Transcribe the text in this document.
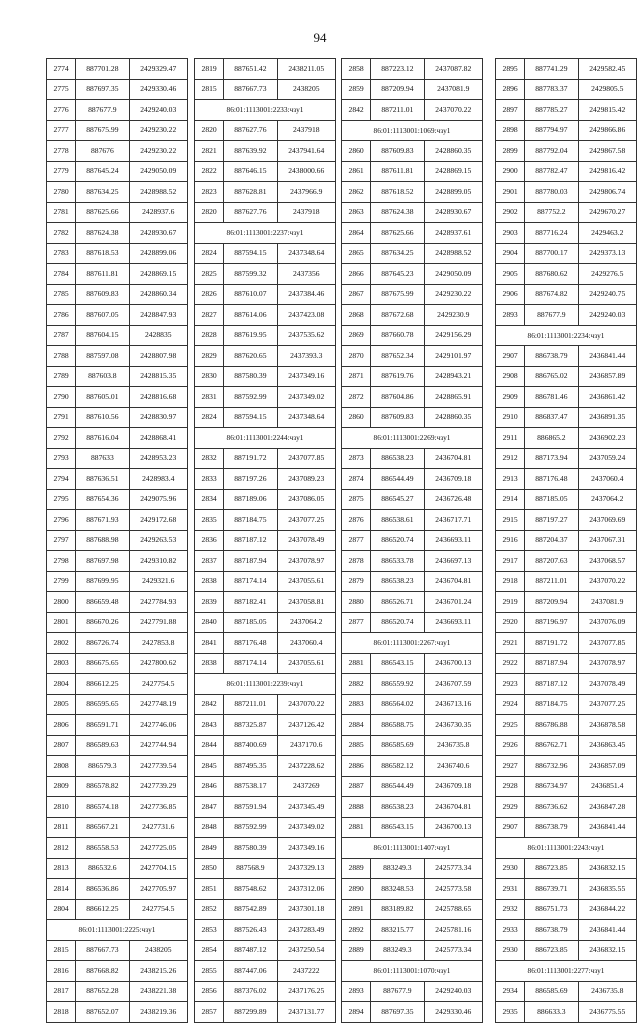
94
2774	887701.28	2429329.47
2775	887697.35	2429330.46
2776	887677.9	2429240.03
2777	887675.99	2429230.22
2778	887676	2429230.22
2779	887645.24	2429050.09
2780	887634.25	2428988.52
2781	887625.66	2428937.6
2782	887624.38	2428930.67
2783	887618.53	2428899.06
2784	887611.81	2428869.15
2785	887609.83	2428860.34
2786	887607.05	2428847.93
2787	887604.15	2428835
2788	887597.08	2428807.98
2789	887603.8	2428815.35
2790	887605.01	2428816.68
2791	887610.56	2428830.97
2792	887616.04	2428868.41
2793	887633	2428953.23
2794	887636.51	2428983.4
2795	887654.36	2429075.96
2796	887671.93	2429172.68
2797	887688.98	2429263.53
2798	887697.98	2429310.82
2799	887699.95	2429321.6
2800	886659.48	2427784.93
2801	886670.26	2427791.88
2802	886726.74	2427853.8
2803	886675.65	2427800.62
2804	886612.25	2427754.5
2805	886595.65	2427748.19
2806	886591.71	2427746.06
2807	886589.63	2427744.94
2808	886579.3	2427739.54
2809	886578.82	2427739.29
2810	886574.18	2427736.85
2811	886567.21	2427731.6
2812	886558.53	2427725.05
2813	886532.6	2427704.15
2814	886536.86	2427705.97
2804	886612.25	2427754.5
86:01:1113001:2225:чзу1		
2815	887667.73	2438205
2816	887668.82	2438215.26
2817	887652.28	2438221.38
2818	887652.07	2438219.36
2819	887651.42	2438211.05
2815	887667.73	2438205
86:01:1113001:2233:чзу1		
2820	887627.76	2437918
2821	887639.92	2437941.64
2822	887646.15	2438000.66
2823	887628.81	2437966.9
2820	887627.76	2437918
86:01:1113001:2237:чзу1		
2824	887594.15	2437348.64
2825	887599.32	2437356
2826	887610.07	2437384.46
2827	887614.06	2437423.08
2828	887619.95	2437535.62
2829	887620.65	2437393.3
2830	887580.39	2437349.16
2831	887592.99	2437349.02
2824	887594.15	2437348.64
86:01:1113001:2244:чзу1		
2832	887191.72	2437077.85
2833	887197.26	2437089.23
2834	887189.06	2437086.05
2835	887184.75	2437077.25
2836	887187.12	2437078.49
2837	887187.94	2437078.97
2838	887174.14	2437055.61
2839	887182.41	2437058.81
2840	887185.05	2437064.2
2841	887176.48	2437060.4
2838	887174.14	2437055.61
86:01:1113001:2239:чзу1		
2842	887211.01	2437070.22
2843	887325.87	2437126.42
2844	887400.69	2437170.6
2845	887495.35	2437228.62
2846	887538.17	2437269
2847	887591.94	2437345.49
2848	887592.99	2437349.02
2849	887580.39	2437349.16
2850	887568.9	2437329.13
2851	887548.62	2437312.06
2852	887542.89	2437301.18
2853	887526.43	2437283.49
2854	887487.12	2437250.54
2855	887447.06	2437222
2856	887376.02	2437176.25
2857	887299.89	2437131.77
2858	887223.12	2437087.82
2859	887209.94	2437081.9
2842	887211.01	2437070.22
86:01:1113001:1069:чзу1		
2860	887609.83	2428860.35
2861	887611.81	2428869.15
2862	887618.52	2428899.05
2863	887624.38	2428930.67
2864	887625.66	2428937.61
2865	887634.25	2428988.52
2866	887645.23	2429050.09
2867	887675.99	2429230.22
2868	887672.68	2429230.9
2869	887660.78	2429156.29
2870	887652.34	2429101.97
2871	887619.76	2428943.21
2872	887604.86	2428865.91
2860	887609.83	2428860.35
86:01:1113001:2269:чзу1		
2873	886538.23	2436704.81
2874	886544.49	2436709.18
2875	886545.27	2436726.48
2876	886538.61	2436717.71
2877	886520.74	2436693.11
2878	886533.78	2436697.13
2879	886538.23	2436704.81
2880	886526.71	2436701.24
2877	886520.74	2436693.11
86:01:1113001:2267:чзу1		
2881	886543.15	2436700.13
2882	886559.92	2436707.59
2883	886564.02	2436713.16
2884	886588.75	2436730.35
2885	886585.69	2436735.8
2886	886582.12	2436740.6
2887	886544.49	2436709.18
2888	886538.23	2436704.81
2881	886543.15	2436700.13
86:01:1113001:1407:чзу1		
2889	883249.3	2425773.34
2890	883248.53	2425773.58
2891	883189.82	2425788.65
2892	883215.77	2425781.16
2889	883249.3	2425773.34
86:01:1113001:1070:чзу1		
2893	887677.9	2429240.03
2894	887697.35	2429330.46
2895	887741.29	2429582.45
2896	887783.37	2429805.5
2897	887785.27	2429815.42
2898	887794.97	2429866.86
2899	887792.04	2429867.58
2900	887782.47	2429816.42
2901	887780.03	2429806.74
2902	887752.2	2429670.27
2903	887716.24	2429463.2
2904	887700.17	2429373.13
2905	887680.62	2429276.5
2906	887674.82	2429240.75
2893	887677.9	2429240.03
86:01:1113001:2234:чзу1		
2907	886738.79	2436841.44
2908	886765.02	2436857.89
2909	886781.46	2436861.42
2910	886837.47	2436891.35
2911	886865.2	2436902.23
2912	887173.94	2437059.24
2913	887176.48	2437060.4
2914	887185.05	2437064.2
2915	887197.27	2437069.69
2916	887204.37	2437067.31
2917	887207.63	2437068.57
2918	887211.01	2437070.22
2919	887209.94	2437081.9
2920	887196.97	2437076.09
2921	887191.72	2437077.85
2922	887187.94	2437078.97
2923	887187.12	2437078.49
2924	887184.75	2437077.25
2925	886786.88	2436878.58
2926	886762.71	2436863.45
2927	886732.96	2436857.09
2928	886734.97	2436851.4
2929	886736.62	2436847.28
2907	886738.79	2436841.44
86:01:1113001:2243:чзу1		
2930	886723.85	2436832.15
2931	886739.71	2436835.55
2932	886751.73	2436844.22
2933	886738.79	2436841.44
2930	886723.85	2436832.15
86:01:1113001:2277:чзу1		
2934	886585.69	2436735.8
2935	886633.3	2436775.55
